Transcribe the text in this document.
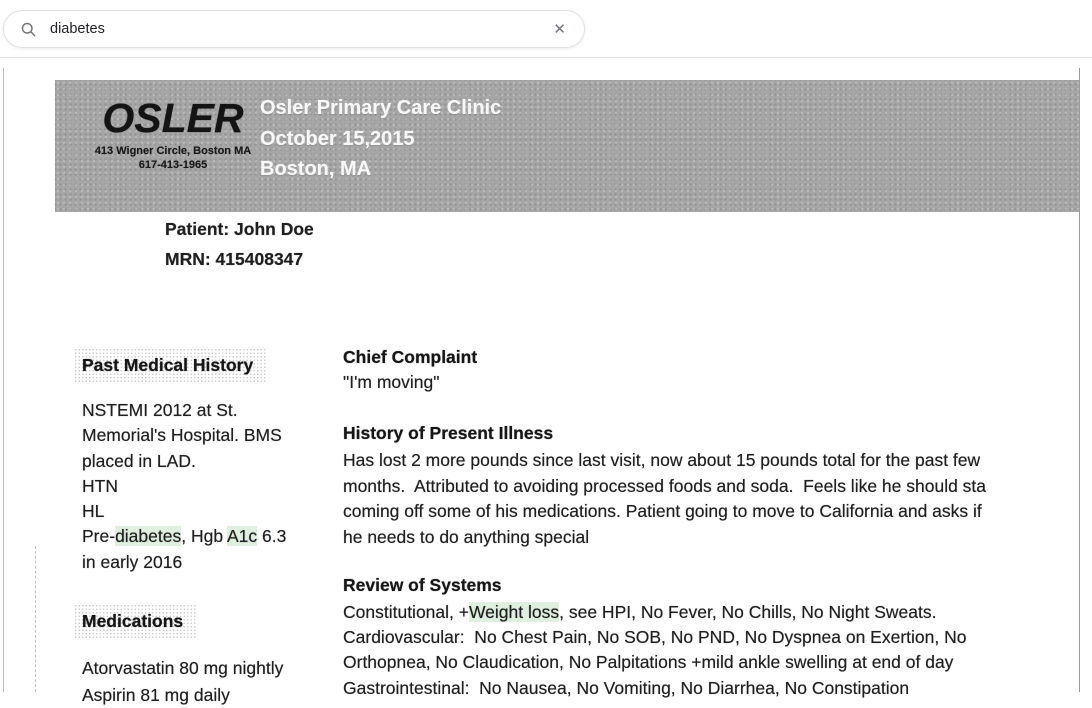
diabetes
✕
OSLER
413 Wigner Circle, Boston MA
617-413-1965
Osler Primary Care Clinic
October 15,2015
Boston, MA
Patient: John Doe
MRN: 415408347
Past Medical History
NSTEMI 2012 at St.
Memorial's Hospital. BMS
placed in LAD.
HTN
HL
Pre-diabetes, Hgb A1c 6.3
in early 2016
Medications
Atorvastatin 80 mg nightly
Aspirin 81 mg daily
Chief Complaint
"I'm moving"
History of Present Illness
Has lost 2 more pounds since last visit, now about 15 pounds total for the past few
months.  Attributed to avoiding processed foods and soda.  Feels like he should sta
coming off some of his medications. Patient going to move to California and asks if
he needs to do anything special
Review of Systems
Constitutional, +Weight loss, see HPI, No Fever, No Chills, No Night Sweats.
Cardiovascular:  No Chest Pain, No SOB, No PND, No Dyspnea on Exertion, No
Orthopnea, No Claudication, No Palpitations +mild ankle swelling at end of day
Gastrointestinal:  No Nausea, No Vomiting, No Diarrhea, No Constipation
